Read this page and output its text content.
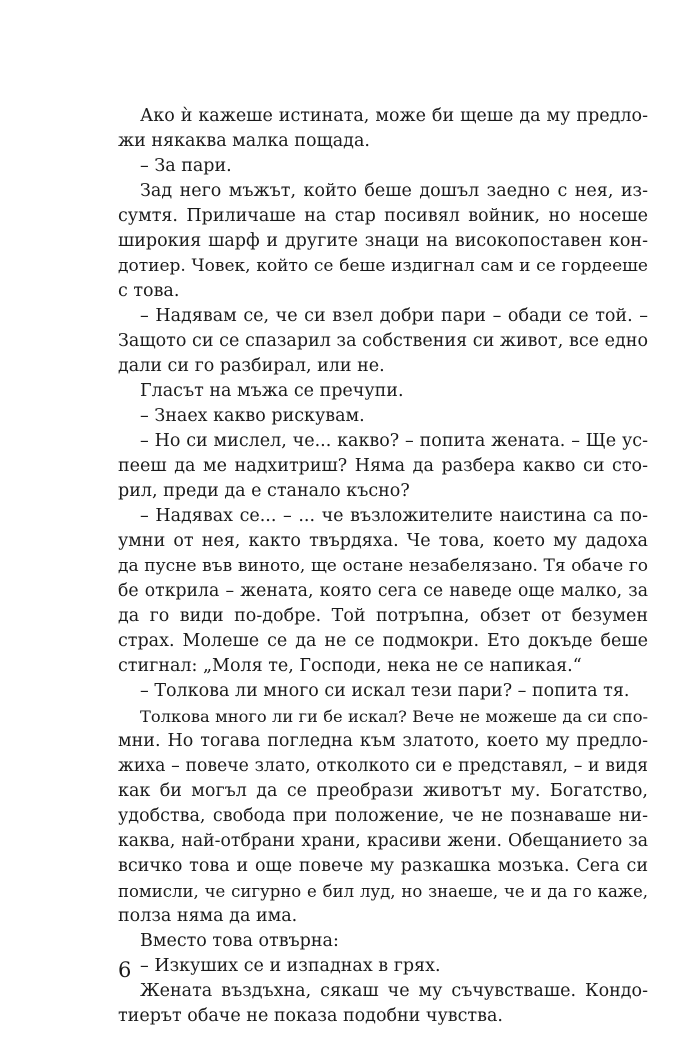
Ако ѝ кажеше истината, може би щеше да му предло-
жи някаква малка пощада.
– За пари.
Зад него мъжът, който беше дошъл заедно с нея, из-
сумтя. Приличаше на стар посивял войник, но носеше
широкия шарф и другите знаци на високопоставен кон-
дотиер. Човек, който се беше издигнал сам и се гордееше
с това.
– Надявам се, че си взел добри пари – обади се той. –
Защото си се спазарил за собствения си живот, все едно
дали си го разбирал, или не.
Гласът на мъжа се пречупи.
– Знаех какво рискувам.
– Но си мислел, че... какво? – попита жената. – Ще ус-
пееш да ме надхитриш? Няма да разбера какво си сто-
рил, преди да е станало късно?
– Надявах се... – ... че възложителите наистина са по-
умни от нея, както твърдяха. Че това, което му дадоха
да пусне във виното, ще остане незабелязано. Тя обаче го
бе открила – жената, която сега се наведе още малко, за
да го види по-добре. Той потръпна, обзет от безумен
страх. Молеше се да не се подмокри. Ето докъде беше
стигнал: „Моля те, Господи, нека не се напикая.“
– Толкова ли много си искал тези пари? – попита тя.
Толкова много ли ги бе искал? Вече не можеше да си спо-
мни. Но тогава погледна към златото, което му предло-
жиха – повече злато, отколкото си е представял, – и видя
как би могъл да се преобрази животът му. Богатство,
удобства, свобода при положение, че не познаваше ни-
каква, най-отбрани храни, красиви жени. Обещанието за
всичко това и още повече му разкашка мозъка. Сега си
помисли, че сигурно е бил луд, но знаеше, че и да го каже,
полза няма да има.
Вместо това отвърна:
– Изкуших се и изпаднах в грях.
Жената въздъхна, сякаш че му съчувстваше. Кондо-
тиерът обаче не показа подобни чувства.
6
